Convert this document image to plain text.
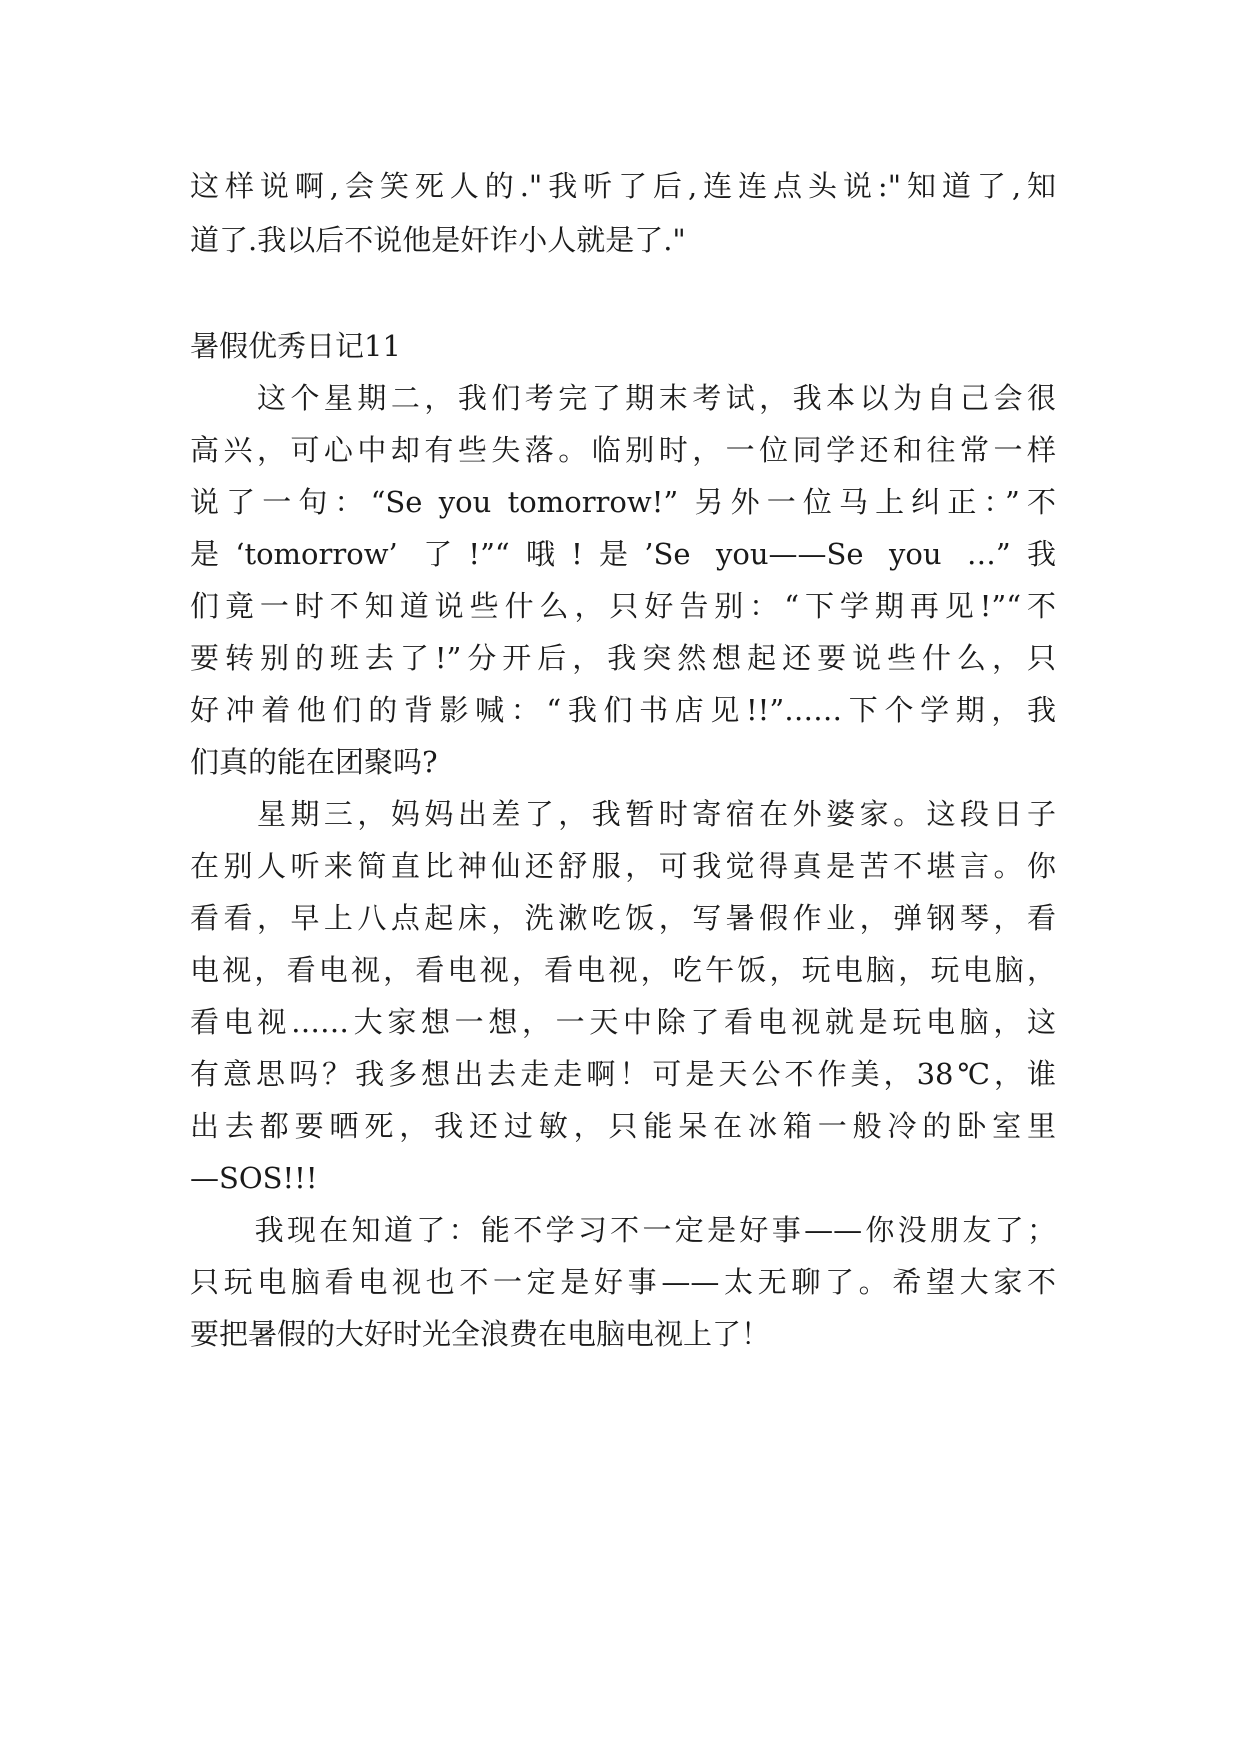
这样说啊,会笑死人的."我听了后,连连点头说:"知道了,知
道了.我以后不说他是奸诈小人就是了."
暑假优秀日记11
　　这个星期二，我们考完了期末考试，我本以为自己会很
高兴，可心中却有些失落。临别时，一位同学还和往常一样
说了一句：“Se you tomorrow!” 另外一位马上纠正：”不
是‘tomorrow’ 了!”“哦!是’Se you——Se you …”我
们竟一时不知道说些什么，只好告别：“下学期再见!”“不
要转别的班去了!”分开后，我突然想起还要说些什么，只
好冲着他们的背影喊：“我们书店见!!”……下个学期，我
们真的能在团聚吗?
　　星期三，妈妈出差了，我暂时寄宿在外婆家。这段日子
在别人听来简直比神仙还舒服，可我觉得真是苦不堪言。你
看看，早上八点起床，洗漱吃饭，写暑假作业，弹钢琴，看
电视，看电视，看电视，看电视，吃午饭，玩电脑，玩电脑，
看电视……大家想一想，一天中除了看电视就是玩电脑，这
有意思吗？我多想出去走走啊！可是天公不作美，38℃，谁
出去都要晒死，我还过敏，只能呆在冰箱一般冷的卧室里
—SOS!!!
　　我现在知道了：能不学习不一定是好事——你没朋友了；
只玩电脑看电视也不一定是好事——太无聊了。希望大家不
要把暑假的大好时光全浪费在电脑电视上了！
